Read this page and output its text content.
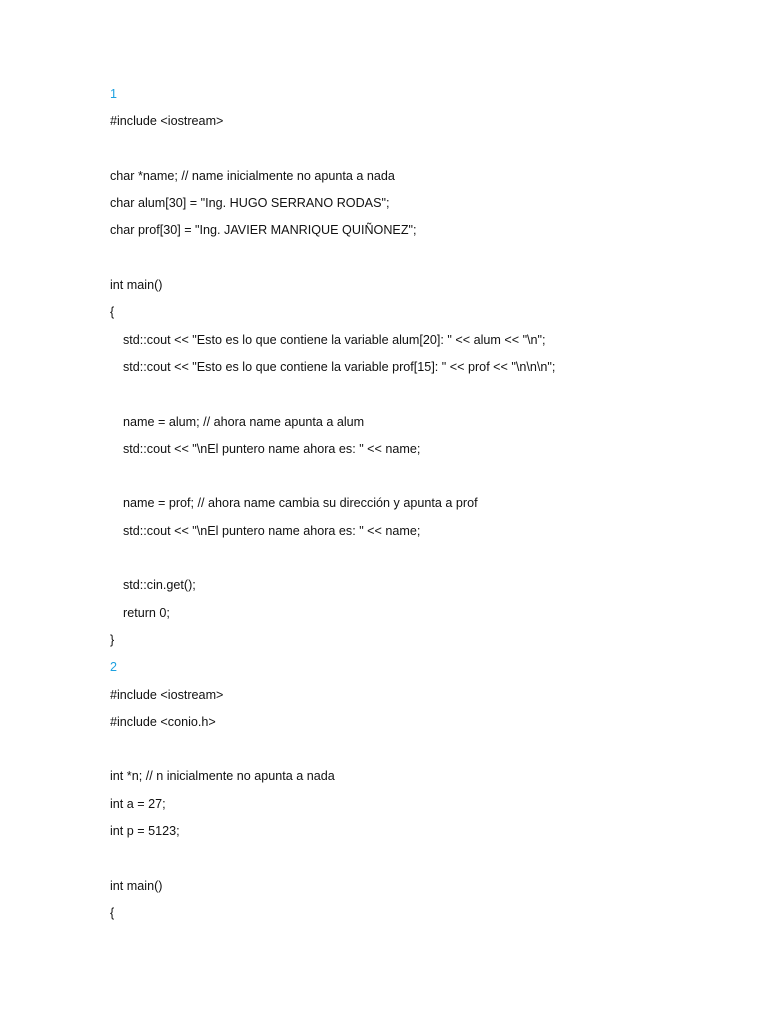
1
#include <iostream>
char *name; // name inicialmente no apunta a nada
char alum[30] = "Ing. HUGO SERRANO RODAS";
char prof[30] = "Ing. JAVIER MANRIQUE QUIÑONEZ";
int main()
{
std::cout << "Esto es lo que contiene la variable alum[20]: " << alum << "\n";
std::cout << "Esto es lo que contiene la variable prof[15]: " << prof << "\n\n\n";
name = alum; // ahora name apunta a alum
std::cout << "\nEl puntero name ahora es: " << name;
name = prof; // ahora name cambia su dirección y apunta a prof
std::cout << "\nEl puntero name ahora es: " << name;
std::cin.get();
return 0;
}
2
#include <iostream>
#include <conio.h>
int *n; // n inicialmente no apunta a nada
int a = 27;
int p = 5123;
int main()
{
